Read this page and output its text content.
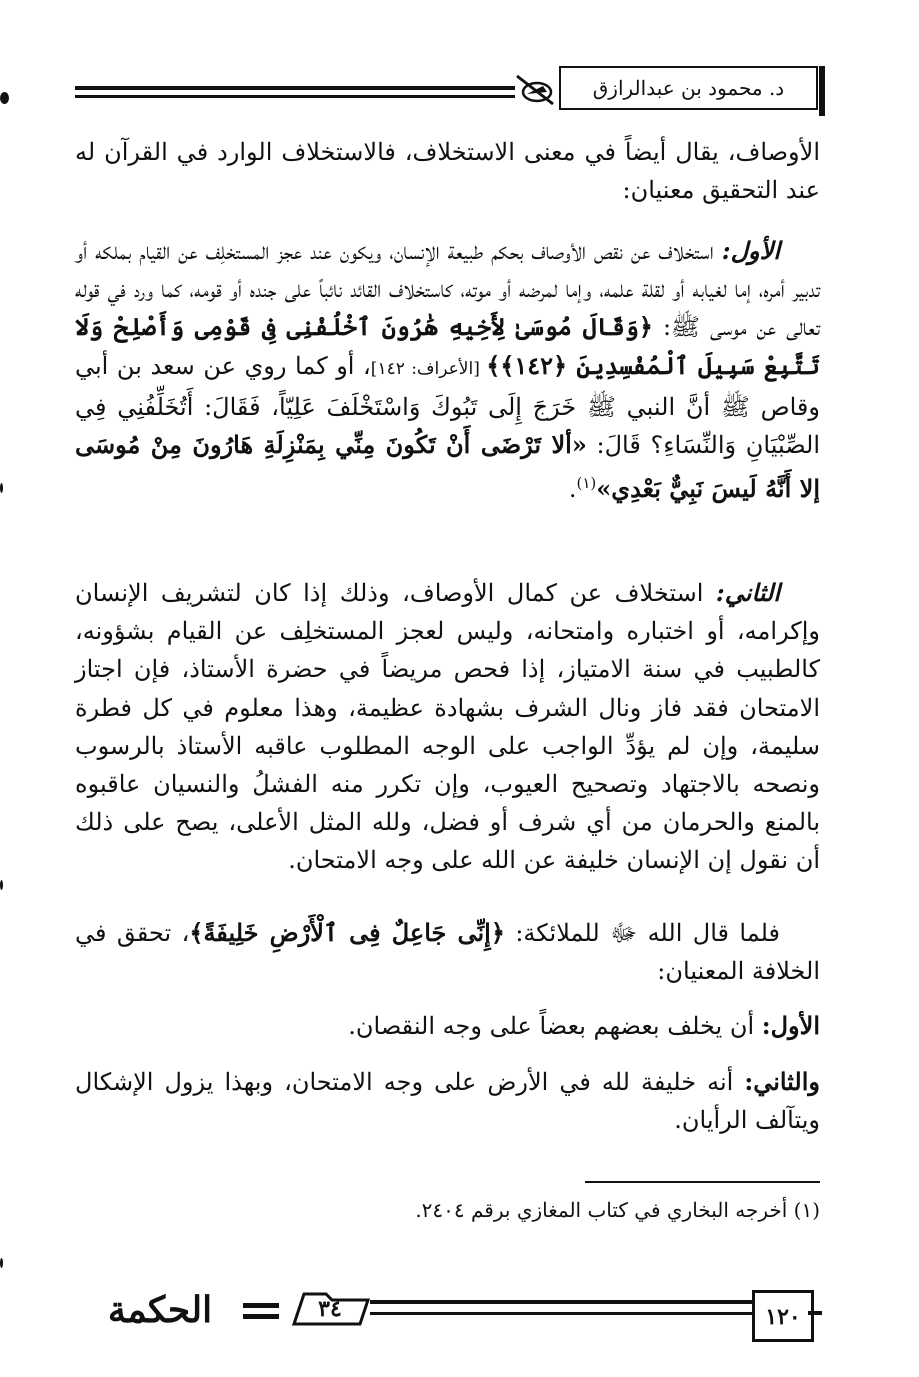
د. محمود بن عبدالرازق

الأوصاف، يقال أيضاً في معنى الاستخلاف، فالاستخلاف الوارد في القرآن له عند التحقيق معنيان:

الأول: استخلاف عن نقص الأوصاف بحكم طبيعة الإنسان، ويكون عند عجز المستخلِف عن القيام بملكه أو تدبير أمره، إما لغيابه أو لقلة علمه، وإما لمرضه أو موته، كاستخلاف القائد نائباً على جنده أو قومه، كما ورد في قوله تعالى عن موسى ﷺ: ﴿وَقَالَ مُوسَىٰ لِأَخِيهِ هَٰرُونَ ٱخْلُفْنِى فِى قَوْمِى وَأَصْلِحْ وَلَا تَتَّبِعْ سَبِيلَ ٱلْمُفْسِدِينَ ﴿١٤٢﴾﴾ [الأعراف: ١٤٢]، أو كما روي عن سعد بن أبي وقاص ﷺ أنَّ النبي ﷺ خَرَجَ إِلَى تَبُوكَ وَاسْتَخْلَفَ عَلِيّاً، فَقَالَ: أَتُخَلِّفُنِي فِي الصِّبْيَانِ وَالنِّسَاءِ؟ قَالَ: «ألا تَرْضَى أَنْ تَكُونَ مِنِّي بِمَنْزِلَةِ هَارُونَ مِنْ مُوسَى إلا أَنَّهُ لَيسَ نَبِيٌّ بَعْدِي»$^{(١)}$.

الثاني: استخلاف عن كمال الأوصاف، وذلك إذا كان لتشريف الإنسان وإكرامه، أو اختباره وامتحانه، وليس لعجز المستخلِف عن القيام بشؤونه، كالطبيب في سنة الامتياز، إذا فحص مريضاً في حضرة الأستاذ، فإن اجتاز الامتحان فقد فاز ونال الشرف بشهادة عظيمة، وهذا معلوم في كل فطرة سليمة، وإن لم يؤدِّ الواجب على الوجه المطلوب عاقبه الأستاذ بالرسوب ونصحه بالاجتهاد وتصحيح العيوب، وإن تكرر منه الفشلُ والنسيان عاقبوه بالمنع والحرمان من أي شرف أو فضل، ولله المثل الأعلى، يصح على ذلك أن نقول إن الإنسان خليفة عن الله على وجه الامتحان.

فلما قال الله ﷻ للملائكة: ﴿إِنِّى جَاعِلٌ فِى ٱلْأَرْضِ خَلِيفَةً﴾، تحقق في الخلافة المعنيان:

الأول: أن يخلف بعضهم بعضاً على وجه النقصان.

والثاني: أنه خليفة لله في الأرض على وجه الامتحان، وبهذا يزول الإشكال ويتآلف الرأيان.

(١) أخرجه البخاري في كتاب المغازي برقم ٢٤٠٤.

١٢٠
٣٤
الحكمة
